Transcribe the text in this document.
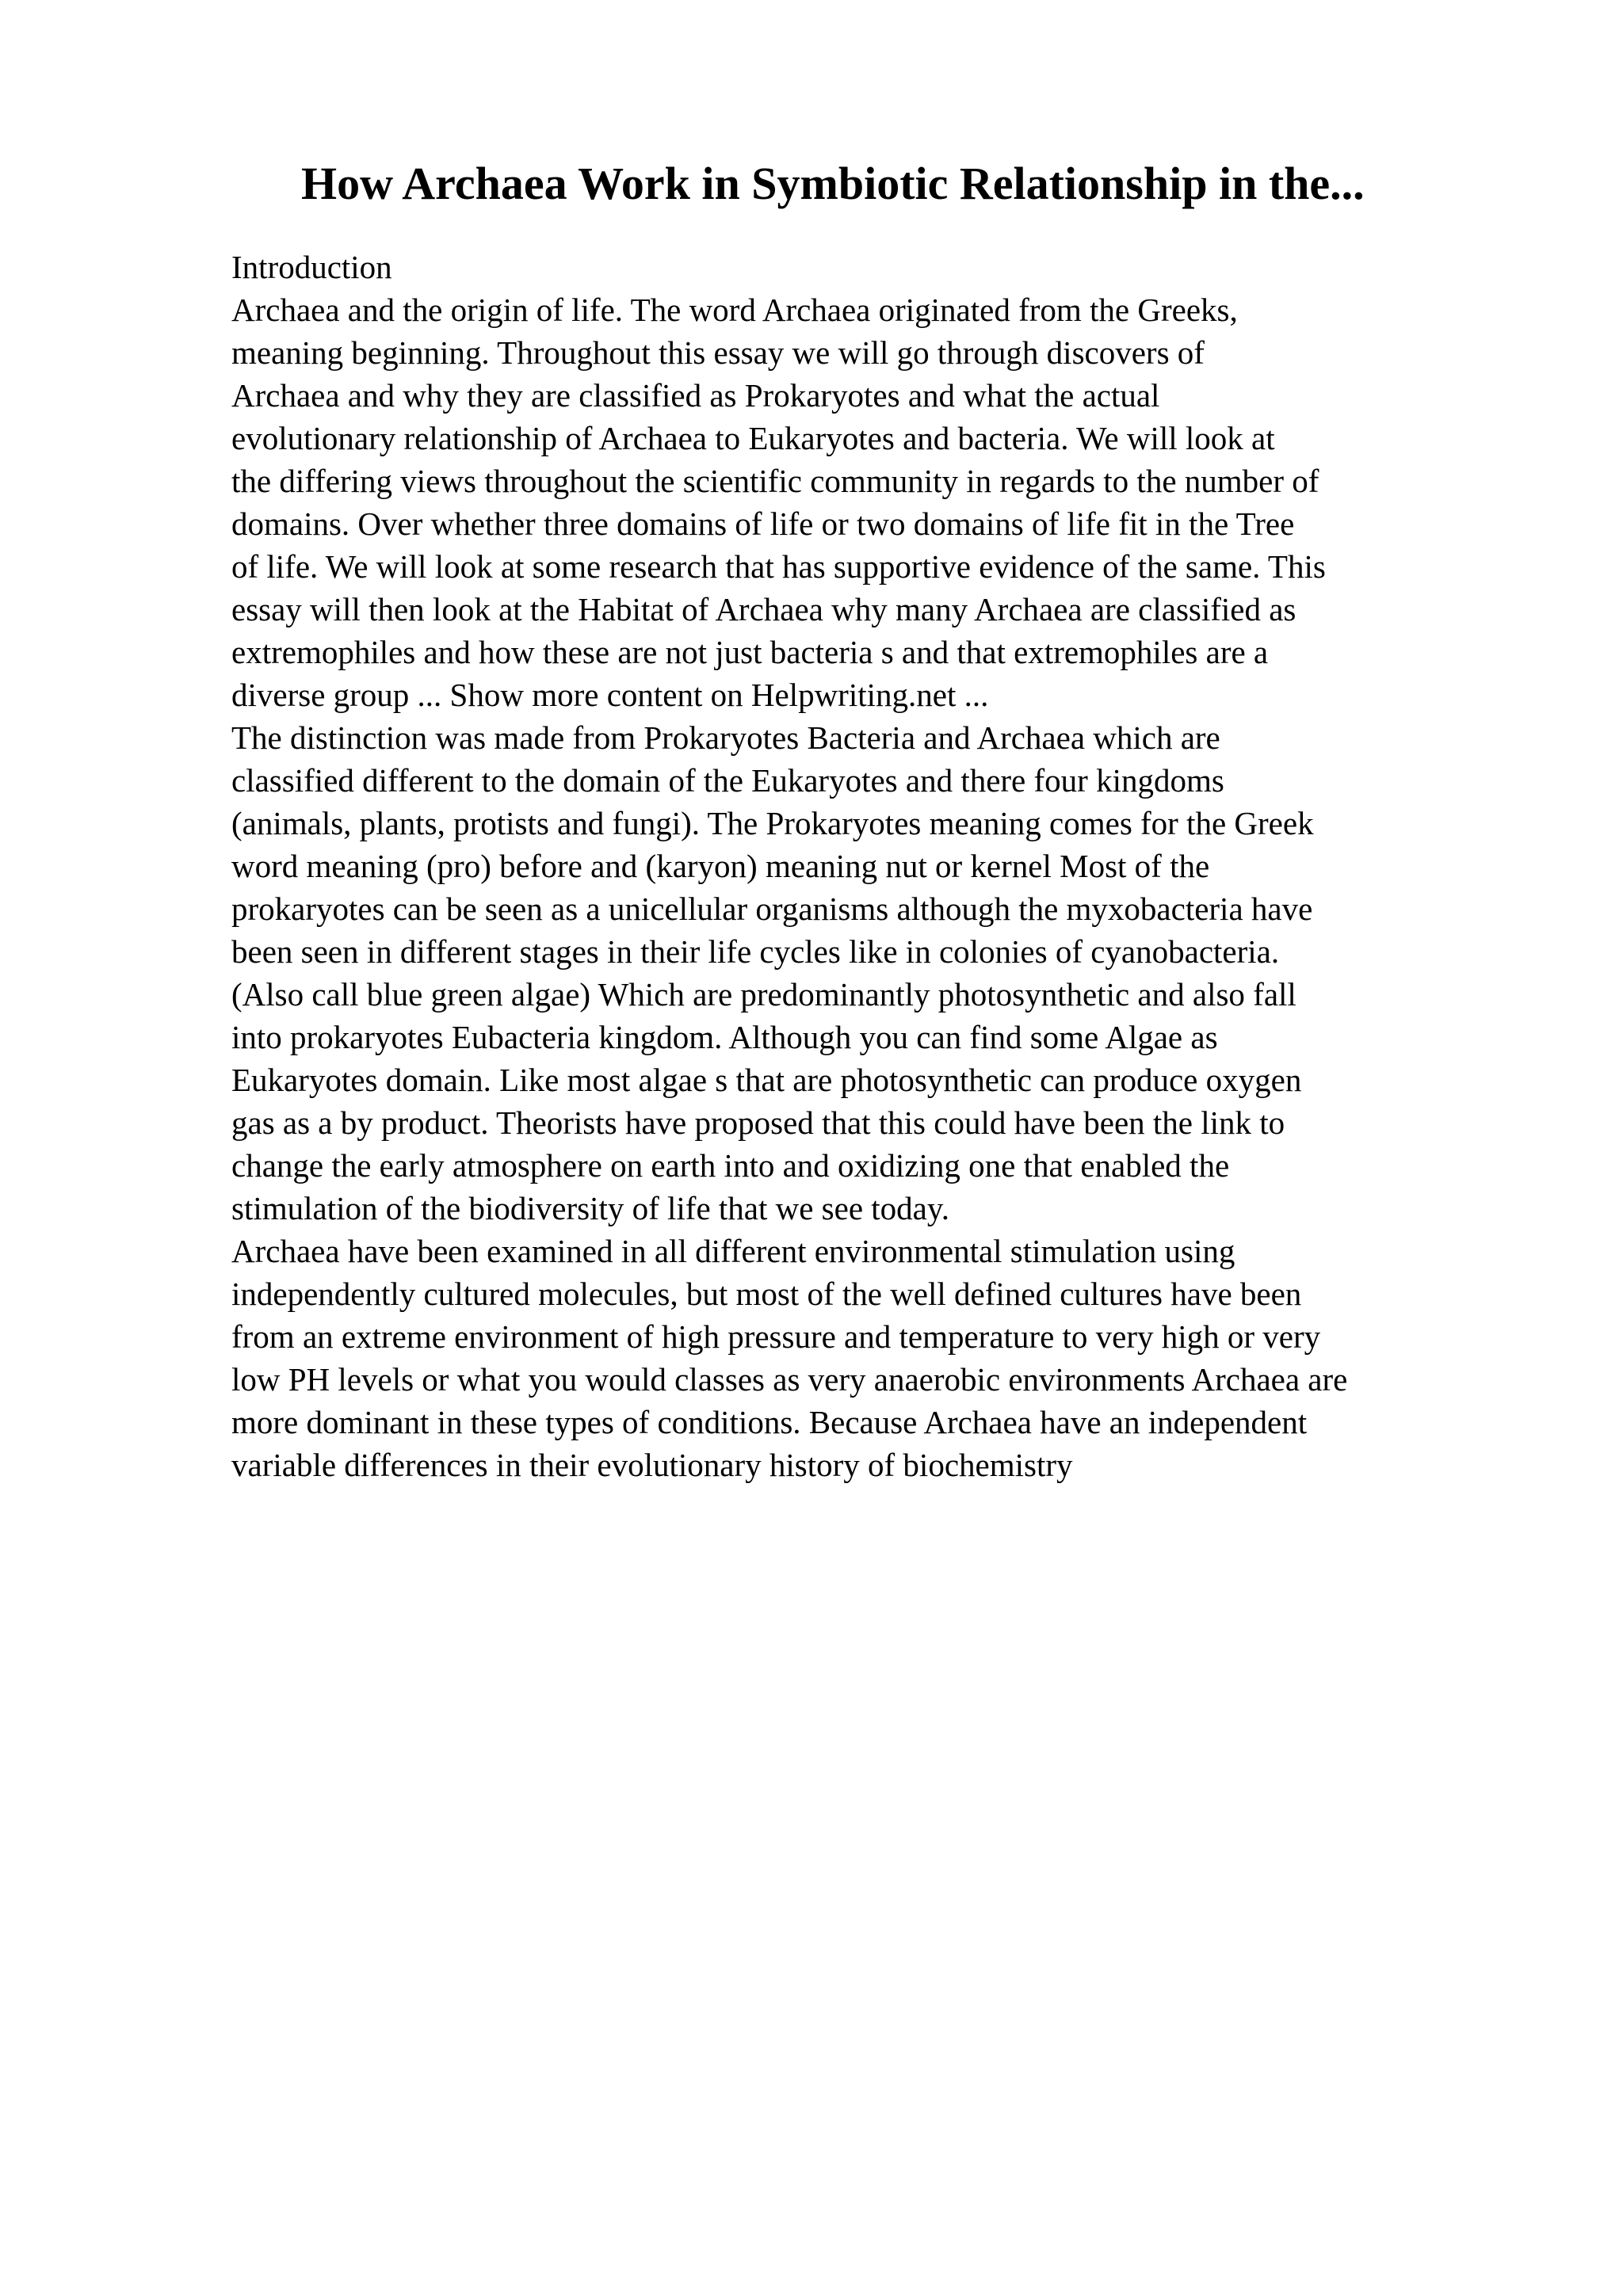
How Archaea Work in Symbiotic Relationship in the...
Introduction
Archaea and the origin of life. The word Archaea originated from the Greeks,
meaning beginning. Throughout this essay we will go through discovers of
Archaea and why they are classified as Prokaryotes and what the actual
evolutionary relationship of Archaea to Eukaryotes and bacteria. We will look at
the differing views throughout the scientific community in regards to the number of
domains. Over whether three domains of life or two domains of life fit in the Tree
of life. We will look at some research that has supportive evidence of the same. This
essay will then look at the Habitat of Archaea why many Archaea are classified as
extremophiles and how these are not just bacteria s and that extremophiles are a
diverse group ... Show more content on Helpwriting.net ...
The distinction was made from Prokaryotes Bacteria and Archaea which are
classified different to the domain of the Eukaryotes and there four kingdoms
(animals, plants, protists and fungi). The Prokaryotes meaning comes for the Greek
word meaning (pro) before and (karyon) meaning nut or kernel Most of the
prokaryotes can be seen as a unicellular organisms although the myxobacteria have
been seen in different stages in their life cycles like in colonies of cyanobacteria.
(Also call blue green algae) Which are predominantly photosynthetic and also fall
into prokaryotes Eubacteria kingdom. Although you can find some Algae as
Eukaryotes domain. Like most algae s that are photosynthetic can produce oxygen
gas as a by product. Theorists have proposed that this could have been the link to
change the early atmosphere on earth into and oxidizing one that enabled the
stimulation of the biodiversity of life that we see today.
Archaea have been examined in all different environmental stimulation using
independently cultured molecules, but most of the well defined cultures have been
from an extreme environment of high pressure and temperature to very high or very
low PH levels or what you would classes as very anaerobic environments Archaea are
more dominant in these types of conditions. Because Archaea have an independent
variable differences in their evolutionary history of biochemistry
